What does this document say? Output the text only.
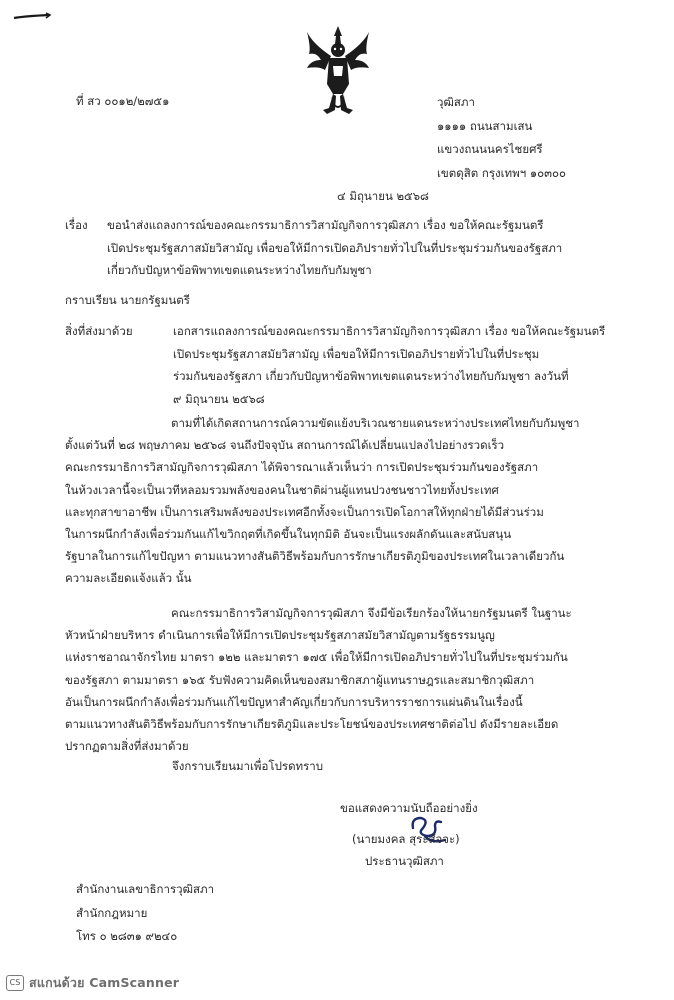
ที่ สว ๐๐๑๒/๒๗๕๑	วุฒิสภา
๑๑๑๑ ถนนสามเสน
แขวงถนนนครไชยศรี
เขตดุสิต กรุงเทพฯ ๑๐๓๐๐
๔ มิถุนายน ๒๕๖๘
เรื่อง ขอนำส่งแถลงการณ์ของคณะกรรมาธิการวิสามัญกิจการวุฒิสภา เรื่อง ขอให้คณะรัฐมนตรี
เปิดประชุมรัฐสภาสมัยวิสามัญ เพื่อขอให้มีการเปิดอภิปรายทั่วไปในที่ประชุมร่วมกันของรัฐสภา
เกี่ยวกับปัญหาข้อพิพาทเขตแดนระหว่างไทยกับกัมพูชา
กราบเรียน นายกรัฐมนตรี
สิ่งที่ส่งมาด้วย	เอกสารแถลงการณ์ของคณะกรรมาธิการวิสามัญกิจการวุฒิสภา เรื่อง ขอให้คณะรัฐมนตรี
เปิดประชุมรัฐสภาสมัยวิสามัญ เพื่อขอให้มีการเปิดอภิปรายทั่วไปในที่ประชุม
ร่วมกันของรัฐสภา เกี่ยวกับปัญหาข้อพิพาทเขตแดนระหว่างไทยกับกัมพูชา ลงวันที่
๙ มิถุนายน ๒๕๖๘
ตามที่ได้เกิดสถานการณ์ความขัดแย้งบริเวณชายแดนระหว่างประเทศไทยกับกัมพูชา
ตั้งแต่วันที่ ๒๘ พฤษภาคม ๒๕๖๘ จนถึงปัจจุบัน สถานการณ์ได้เปลี่ยนแปลงไปอย่างรวดเร็ว
คณะกรรมาธิการวิสามัญกิจการวุฒิสภา ได้พิจารณาแล้วเห็นว่า การเปิดประชุมร่วมกันของรัฐสภา
ในห้วงเวลานี้จะเป็นเวทีหลอมรวมพลังของคนในชาติผ่านผู้แทนปวงชนชาวไทยทั้งประเทศ
และทุกสาขาอาชีพ เป็นการเสริมพลังของประเทศอีกทั้งจะเป็นการเปิดโอกาสให้ทุกฝ่ายได้มีส่วนร่วม
ในการผนึกกำลังเพื่อร่วมกันแก้ไขวิกฤตที่เกิดขึ้นในทุกมิติ อันจะเป็นแรงผลักดันและสนับสนุน
รัฐบาลในการแก้ไขปัญหา ตามแนวทางสันติวิธีพร้อมกับการรักษาเกียรติภูมิของประเทศในเวลาเดียวกัน
ความละเอียดแจ้งแล้ว นั้น
คณะกรรมาธิการวิสามัญกิจการวุฒิสภา จึงมีข้อเรียกร้องให้นายกรัฐมนตรี ในฐานะ
หัวหน้าฝ่ายบริหาร ดำเนินการเพื่อให้มีการเปิดประชุมรัฐสภาสมัยวิสามัญตามรัฐธรรมนูญ
แห่งราชอาณาจักรไทย มาตรา ๑๒๒ และมาตรา ๑๗๕ เพื่อให้มีการเปิดอภิปรายทั่วไปในที่ประชุมร่วมกัน
ของรัฐสภา ตามมาตรา ๑๖๕ รับฟังความคิดเห็นของสมาชิกสภาผู้แทนราษฎรและสมาชิกวุฒิสภา
อันเป็นการผนึกกำลังเพื่อร่วมกันแก้ไขปัญหาสำคัญเกี่ยวกับการบริหารราชการแผ่นดินในเรื่องนี้
ตามแนวทางสันติวิธีพร้อมกับการรักษาเกียรติภูมิและประโยชน์ของประเทศชาติต่อไป ดังมีรายละเอียด
ปรากฏตามสิ่งที่ส่งมาด้วย
จึงกราบเรียนมาเพื่อโปรดทราบ
ขอแสดงความนับถืออย่างยิ่ง
(นายมงคล สุระสัจจะ)
ประธานวุฒิสภา
สำนักงานเลขาธิการวุฒิสภา
สำนักกฎหมาย
โทร ๐ ๒๘๓๑ ๙๒๔๐
CS สแกนด้วย CamScanner
